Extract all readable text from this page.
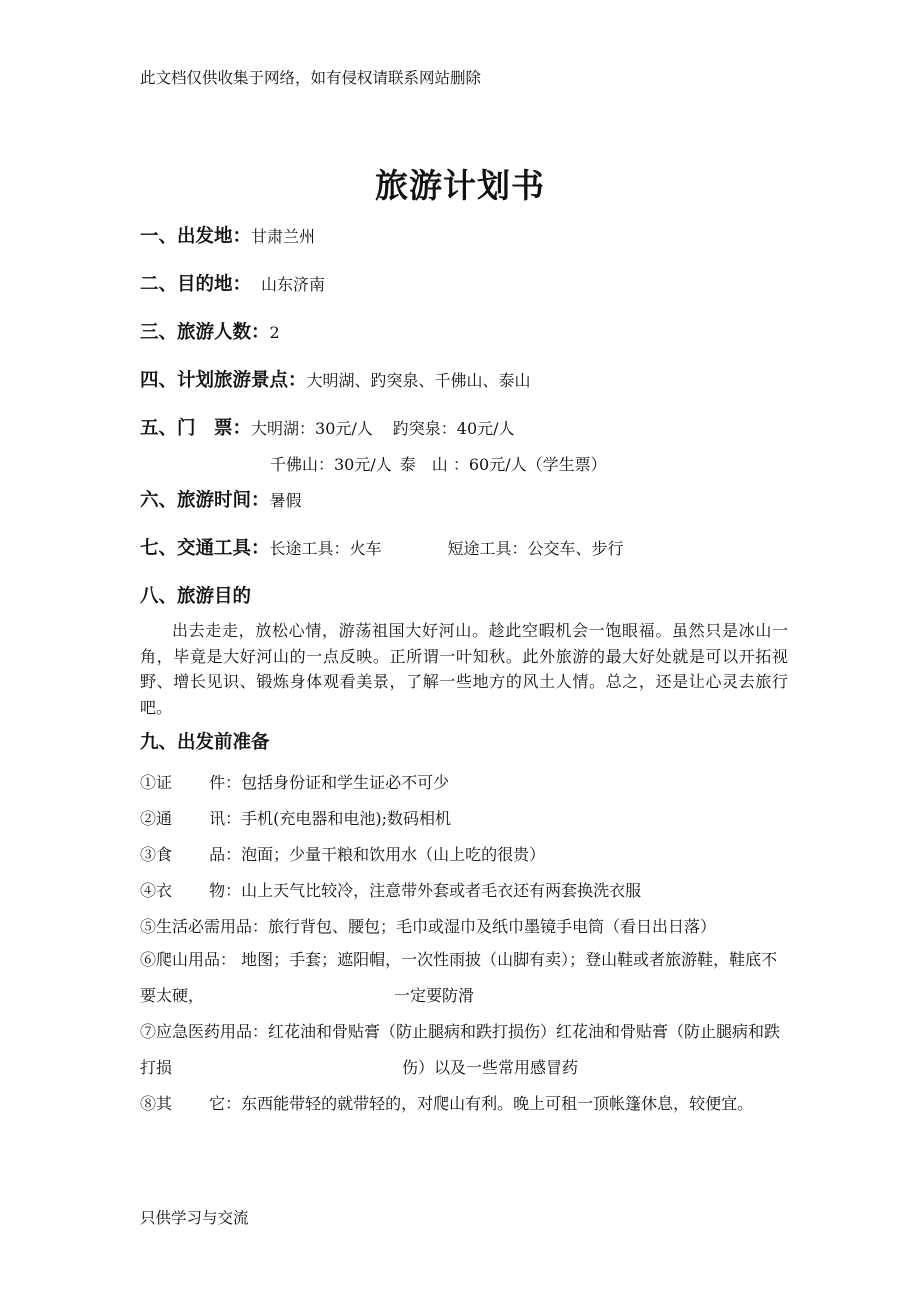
此文档仅供收集于网络，如有侵权请联系网站删除
旅游计划书
一、出发地：甘肃兰州
二、目的地： 山东济南
三、旅游人数：2
四、计划旅游景点：大明湖、趵突泉、千佛山、泰山
五、门　票：大明湖：30元/人 趵突泉：40元/人
千佛山：30元/人 泰　山 ：60元/人（学生票）
六、旅游时间：暑假
七、交通工具：长途工具：火车	短途工具：公交车、步行
八、旅游目的
出去走走，放松心情，游荡祖国大好河山。趁此空暇机会一饱眼福。虽然只是冰山一角，毕竟是大好河山的一点反映。正所谓一叶知秋。此外旅游的最大好处就是可以开拓视野、增长见识、锻炼身体观看美景，了解一些地方的风土人情。总之，还是让心灵去旅行吧。
九、出发前准备
①证　　 件：包括身份证和学生证必不可少
②通　　 讯：手机(充电器和电池);数码相机
③食　　 品：泡面；少量干粮和饮用水（山上吃的很贵）
④衣　　 物：山上天气比较冷，注意带外套或者毛衣还有两套换洗衣服
⑤生活必需用品：旅行背包、腰包；毛巾或湿巾及纸巾墨镜手电筒（看日出日落）
⑥爬山用品： 地图；手套；遮阳帽，一次性雨披（山脚有卖）；登山鞋或者旅游鞋，鞋底不要太硬，	一定要防滑
⑦应急医药用品：红花油和骨贴膏（防止腿病和跌打损伤）红花油和骨贴膏（防止腿病和跌打损	伤）以及一些常用感冒药
⑧其　　 它：东西能带轻的就带轻的，对爬山有利。晚上可租一顶帐篷休息，较便宜。
只供学习与交流
